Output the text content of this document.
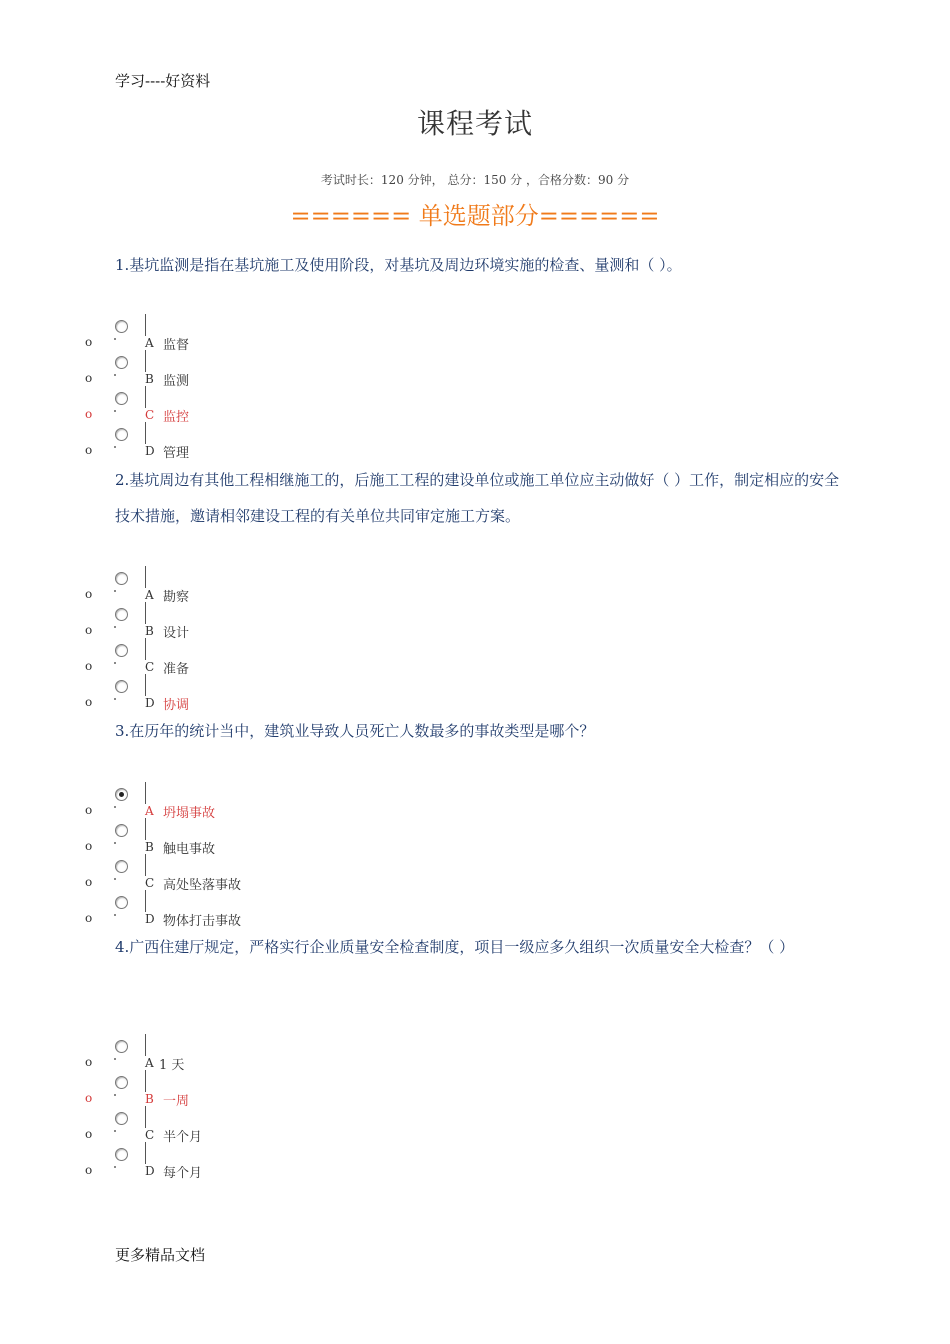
学习----好资料
课程考试
考试时长：120 分钟， 总分：150 分 ，合格分数：90 分
====== 单选题部分======
1.基坑监测是指在基坑施工及使用阶段，对基坑及周边环境实施的检查、量测和（ ）。
o	A 监督
o	B 监测
o	C 监控
o	D 管理
2.基坑周边有其他工程相继施工的，后施工工程的建设单位或施工单位应主动做好（ ）工作，制定相应的安全技术措施，邀请相邻建设工程的有关单位共同审定施工方案。
o	A 勘察
o	B 设计
o	C 准备
o	D 协调
3.在历年的统计当中，建筑业导致人员死亡人数最多的事故类型是哪个？
o	A 坍塌事故
o	B 触电事故
o	C 高处坠落事故
o	D 物体打击事故
4.广西住建厅规定，严格实行企业质量安全检查制度，项目一级应多久组织一次质量安全大检查？（ ）
o	A 1 天
o	B 一周
o	C 半个月
o	D 每个月
更多精品文档
